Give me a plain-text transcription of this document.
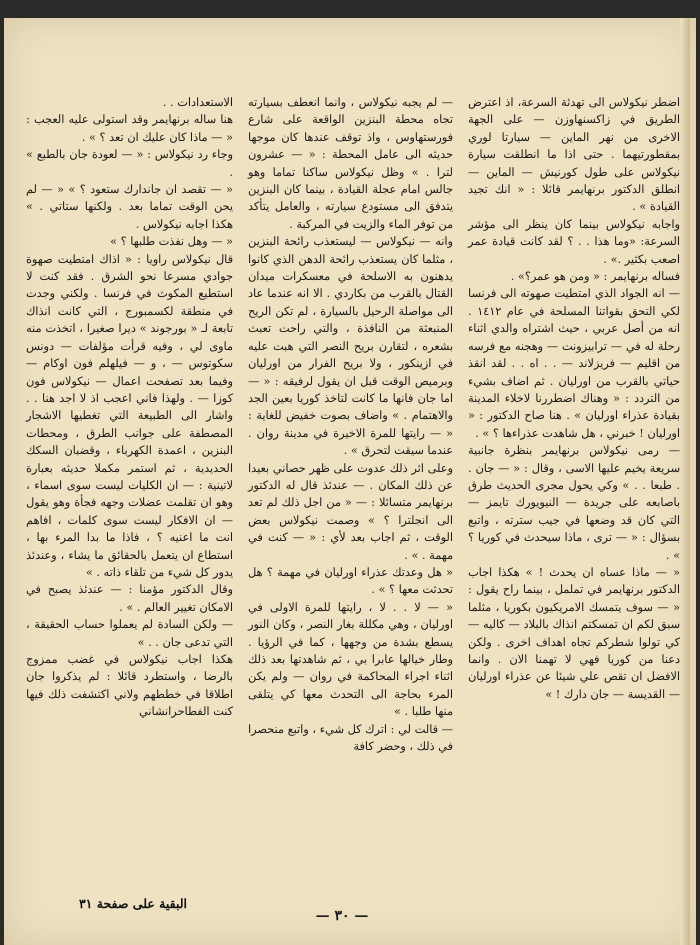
اضطر نيكولاس الى تهدئة السرعة، اذ اعترض الطريق في زاكسنهاوزن — على الجهة الاخرى من نهر الماين — سيارتا لوري بمقطورتيهما . حتى اذا ما انطلقت سيارة نيكولاس على طول كورنيش — الماين — انطلق الدكتور برنهايمر قائلا : « انك تجيد القيادة » .

واجابه نيكولاس بينما كان ينظر الى مؤشر السرعة: «وما هذا . . ؟ لقد كانت قيادة عمر اصعب بكثير .» .

فساله برنهايمر : « ومن هو عمر؟» .

— انه الجواد الذي امتطيت صهوته الى فرنسا لكي التحق بقواتنا المسلحة في عام ١٤١٢ . انه من أصل عربي ، حيث اشتراه والدي اثناء رحلة له في — ترابيزونت — وهجنه مع فرسه من اقليم — فريزلاند — . . اه . . لقد انقذ حياتي بالقرب من اورليان . ثم اضاف بشيء من التردد : « وهناك اضطررنا لاخلاء المدينة بقيادة عذراء اورليان » . هنا صاح الدكتور : « اورليان ! خبرني ، هل شاهدت عذراءها ؟ » .

— رمى نيكولاس برنهايمر بنظرة جانبية سريعة يخيم عليها الاسى ، وقال : « — جان . . طبعا . . » وكي يحول مجرى الحديث طرق باصابعه على جريدة — النيويورك تايمز — التي كان قد وضعها في جيب سترته ، واتبع بسؤال : « — ترى ، ماذا سيحدث في كوريا ؟ » .

« — ماذا عساه ان يحدث ! » هكذا اجاب الدكتور برنهايمر في تململ ، بينما راح يقول : « — سوف يتمسك الامريكيون بكوريا ، مثلما سبق لكم ان تمسكتم انذاك بالبلاد — كاليه — كي تولوا شطركم تجاه اهداف اخرى . ولكن دعنا من كوريا فهي لا تهمنا الان . وانما الافضل ان تقص علي شيئا عن عذراء اورليان — القديسة — جان دارك ! »

— لم يجبه نيكولاس ، وانما انعطف بسيارته تجاه محطة البنزين الواقعة على شارع فورستهاوس ، واذ توقف عندها كان موجها حديثه الى عامل المحطة : « — عشرون لترا . » وظل نيكولاس ساكنا تماما وهو جالس امام عجلة القيادة ، بينما كان البنزين يتدفق الى مستودع سيارته ، والعامل يتأكد من توفر الماء والزيت في المركبة .

وانه — نيكولاس — ليستعذب رائحة البنزين ، مثلما كان يستعذب رائحة الدهن الذي كانوا يدهنون به الاسلحة في معسكرات ميدان القتال بالقرب من بكاردي . الا انه عندما عاد الى مواصلة الرحيل بالسيارة ، لم تكن الريح المنبعثة من النافذة ، والتي راحت تعبث بشعره ، لتقارن بريح النصر التي هبت عليه في ازينكور ، ولا بريح الفرار من اورليان وبرميص الوقت قبل ان يقول لرفيقه : « — اما جان فانها ما كانت لتاخذ كوريا بعين الجد والاهتمام . » واضاف بصوت خفيض للغاية : « — رايتها للمرة الاخيرة في مدينة روان . عندما سيقت لتحرق » .

وعلى اثر ذلك عدوت على ظهر حصاني بعيدا عن ذلك المكان . — عندئذ قال له الدكتور برنهايمر متسائلا : — « من اجل ذلك لم تعد الى انجلترا ؟ » وصمت نيكولاس بعض الوقت ، ثم اجاب بعد لأي : « — كنت في مهمة . » .

« هل وعدتك عذراء اورليان في مهمة ؟ هل تحدثت معها ؟ » .

« — لا . . لا ، رايتها للمرة الاولى في اورليان ، وهي مكللة بغار النصر ، وكان النور يسطع بشدة من وجهها ، كما في الرؤيا . وطار خيالها عابرا بي ، ثم شاهدتها بعد ذلك اثناء اجراء المحاكمة في روان — ولم يكن المرء بحاجة الى التحدث معها كي يتلقى منها طلبا . »

— قالت لي : اترك كل شيء ، واتبع منحصرا في ذلك ، وحضر كافة

الاستعدادات . .

هنا ساله برنهايمر وقد استولى عليه العجب : « — ماذا كان عليك ان تعد ؟ » .

وجاء رد نيكولاس : « — لعودة جان بالطبع » .

« — تقصد ان جاندارك ستعود ؟ » « — لم يحن الوقت تماما بعد . ولكنها ستاتي . » هكذا اجابه نيكولاس .

« — وهل نفذت طلبها ؟ »

قال نيكولاس راويا : « اذاك امتطيت صهوة جوادي مسرعا نحو الشرق . فقد كنت لا استطيع المكوث في فرنسا . ولكني وجدت في منطقة لكسمبورج ، التي كانت انذاك تابعة لـ « بورجوند » ديرا صغيرا ، اتخذت منه ماوى لي ، وفيه قرأت مؤلفات — دونس سكوتوس — ، و — فيلهلم فون اوكام — وفيما بعد تصفحت اعمال — نيكولاس فون كوزا — . ولهذا فاني اعجب اذ لا اجد هنا . . واشار الى الطبيعة التي تغطيها الاشجار المصطفة على جوانب الطرق ، ومحطات البنزين ، اعمدة الكهرباء ، وقضبان السكك الحديدية ، ثم استمر مكملا حديثه بعبارة لاتينية : — ان الكليات ليست سوى اسماء ، وهو ان تقلمت عضلات وجهه فجأة وهو يقول — ان الافكار ليست سوى كلمات ، افاهم انت ما اعنيه ؟ ، فاذا ما بدا المرء بها ، استطاع ان يتعمل بالحقائق ما يشاء ، وعندئذ يدور كل شيء من تلقاء ذاته . »

وقال الدكتور مؤمنا : — عندئذ يصبح في الامكان تغيير العالم . » .

— ولكن السادة لم يعملوا حساب الحقيقة ، التي تدعى جان . . »

هكذا اجاب نيكولاس في غضب ممزوج بالرضا ، واستطرد قائلا : لم يذكروا جان اطلاقا في خططهم ولاني اكتشفت ذلك فيها كنت الفطاحرانشاني

البقية على صفحة ٣١
— ٣٠ —
